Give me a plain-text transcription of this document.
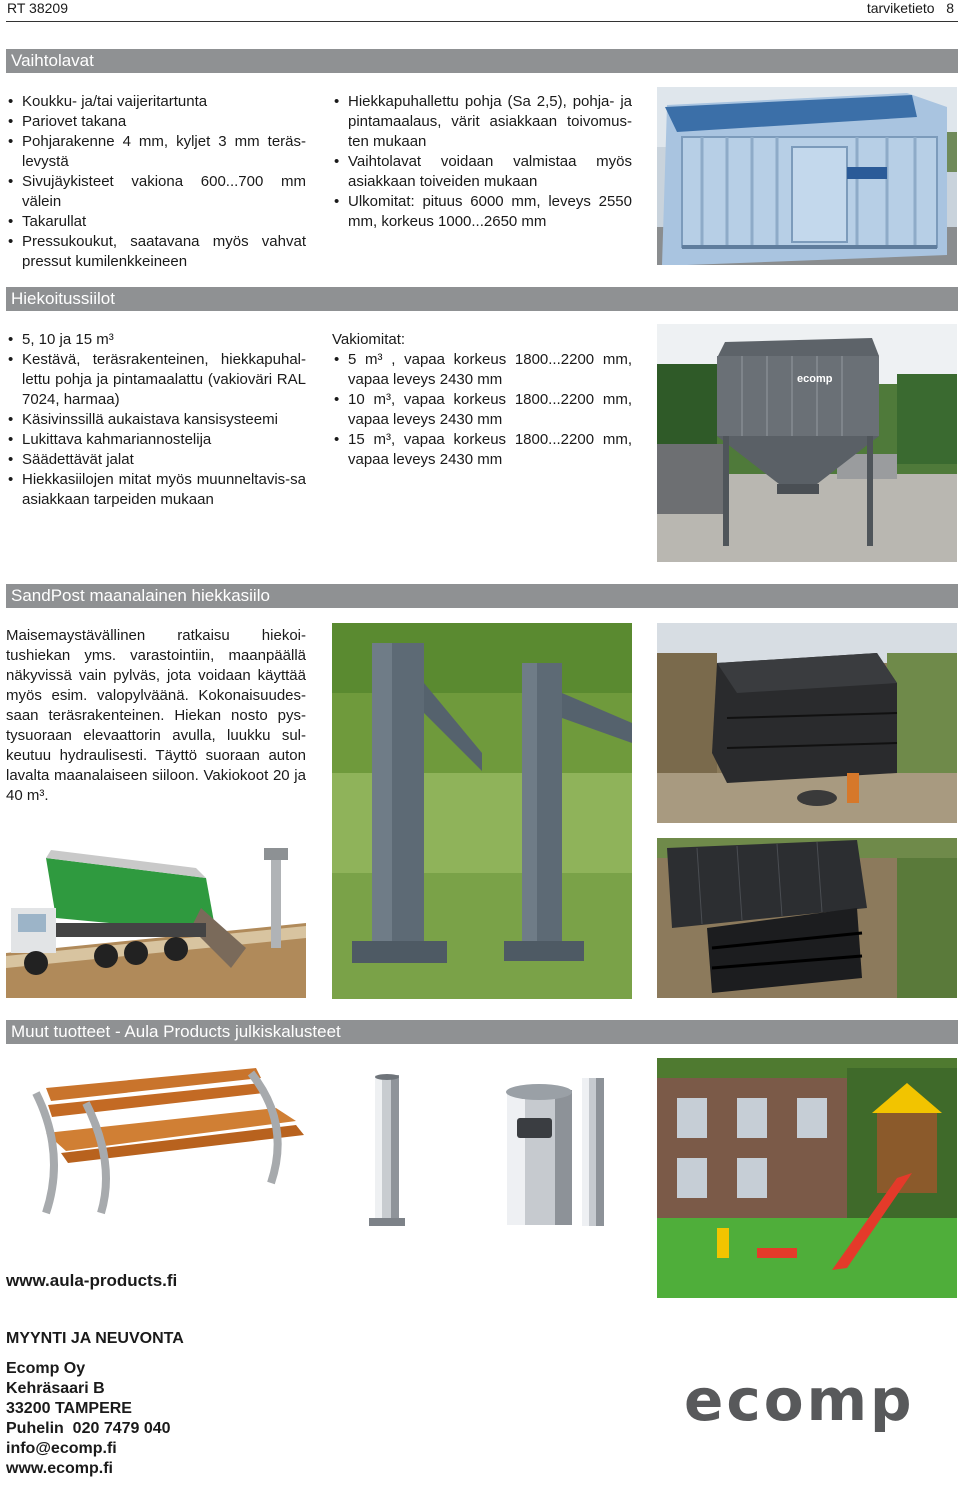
RT 38209	tarviketieto 8
Vaihtolavat
• Koukku- ja/tai vaijeritartunta
• Pariovet takana
• Pohjarakenne 4 mm, kyljet 3 mm teräs-levystä
• Sivujäykisteet vakiona 600...700 mm välein
• Takarullat
• Pressukoukut, saatavana myös vahvat pressut kumilenkkeineen
• Hiekkapuhallettu pohja (Sa 2,5), pohja- ja pintamaalaus, värit asiakkaan toivomus-ten mukaan
• Vaihtolavat voidaan valmistaa myös asiakkaan toiveiden mukaan
• Ulkomitat: pituus 6000 mm, leveys 2550 mm, korkeus 1000...2650 mm
Hiekoitussiilot
• 5, 10 ja 15 m³
• Kestävä, teräsrakenteinen, hiekkapuhal-lettu pohja ja pintamaalattu (vakioväri RAL 7024, harmaa)
• Käsivinssillä aukaistava kansisysteemi
• Lukittava kahmariannostelija
• Säädettävät jalat
• Hiekkasiilojen mitat myös muunneltavis-sa asiakkaan tarpeiden mukaan
Vakiomitat:
• 5 m³ , vapaa korkeus 1800...2200 mm, vapaa leveys 2430 mm
• 10 m³, vapaa korkeus 1800...2200 mm, vapaa leveys 2430 mm
• 15 m³, vapaa korkeus 1800...2200 mm, vapaa leveys 2430 mm
ecomp
SandPost maanalainen hiekkasiilo
Maisemaystävällinen ratkaisu hiekoi-tushiekan yms. varastointiin, maanpäällä näkyvissä vain pylväs, jota voidaan käyttää myös esim. valopylväänä. Kokonaisuudes-saan teräsrakenteinen. Hiekan nosto pys-tysuoraan elevaattorin avulla, luukku sul-keutuu hydraulisesti. Täyttö suoraan auton lavalta maanalaiseen siiloon. Vakiokoot 20 ja 40 m³.
Muut tuotteet - Aula Products julkiskalusteet
www.aula-products.fi
MYYNTI JA NEUVONTA
Ecomp Oy
Kehräsaari B
33200 TAMPERE
Puhelin  020 7479 040
info@ecomp.fi
www.ecomp.fi
ecomp
